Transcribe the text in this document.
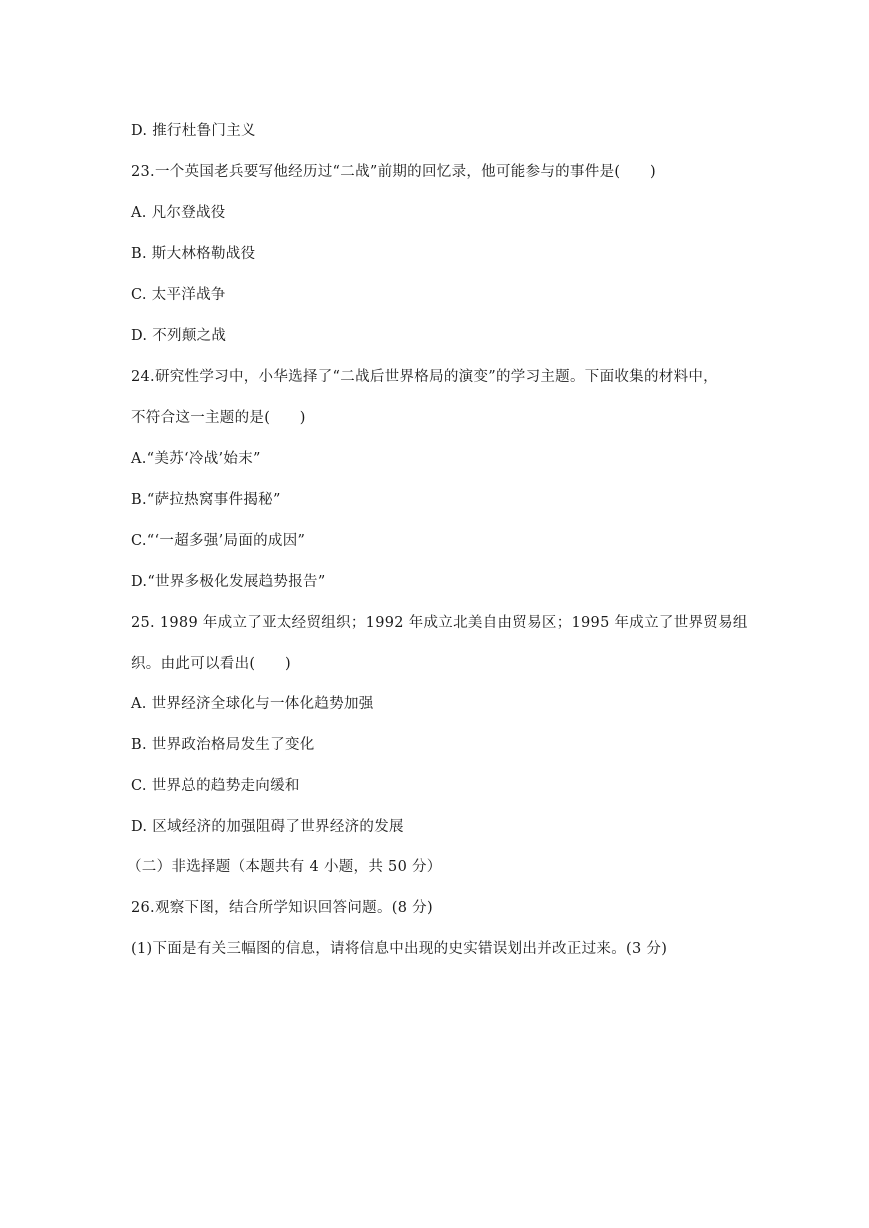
D. 推行杜鲁门主义
23.一个英国老兵要写他经历过“二战”前期的回忆录，他可能参与的事件是(　　)
A. 凡尔登战役
B. 斯大林格勒战役
C. 太平洋战争
D. 不列颠之战
24.研究性学习中，小华选择了“二战后世界格局的演变”的学习主题。下面收集的材料中，
不符合这一主题的是(　　)
A.“美苏‘冷战’始末”
B.“萨拉热窝事件揭秘”
C.“‘一超多强’局面的成因”
D.“世界多极化发展趋势报告”
25. 1989 年成立了亚太经贸组织；1992 年成立北美自由贸易区；1995 年成立了世界贸易组
织。由此可以看出(　　)
A. 世界经济全球化与一体化趋势加强
B. 世界政治格局发生了变化
C. 世界总的趋势走向缓和
D. 区域经济的加强阻碍了世界经济的发展
（二）非选择题（本题共有 4 小题，共 50 分）
26.观察下图，结合所学知识回答问题。(8 分)
(1)下面是有关三幅图的信息，请将信息中出现的史实错误划出并改正过来。(3 分)
